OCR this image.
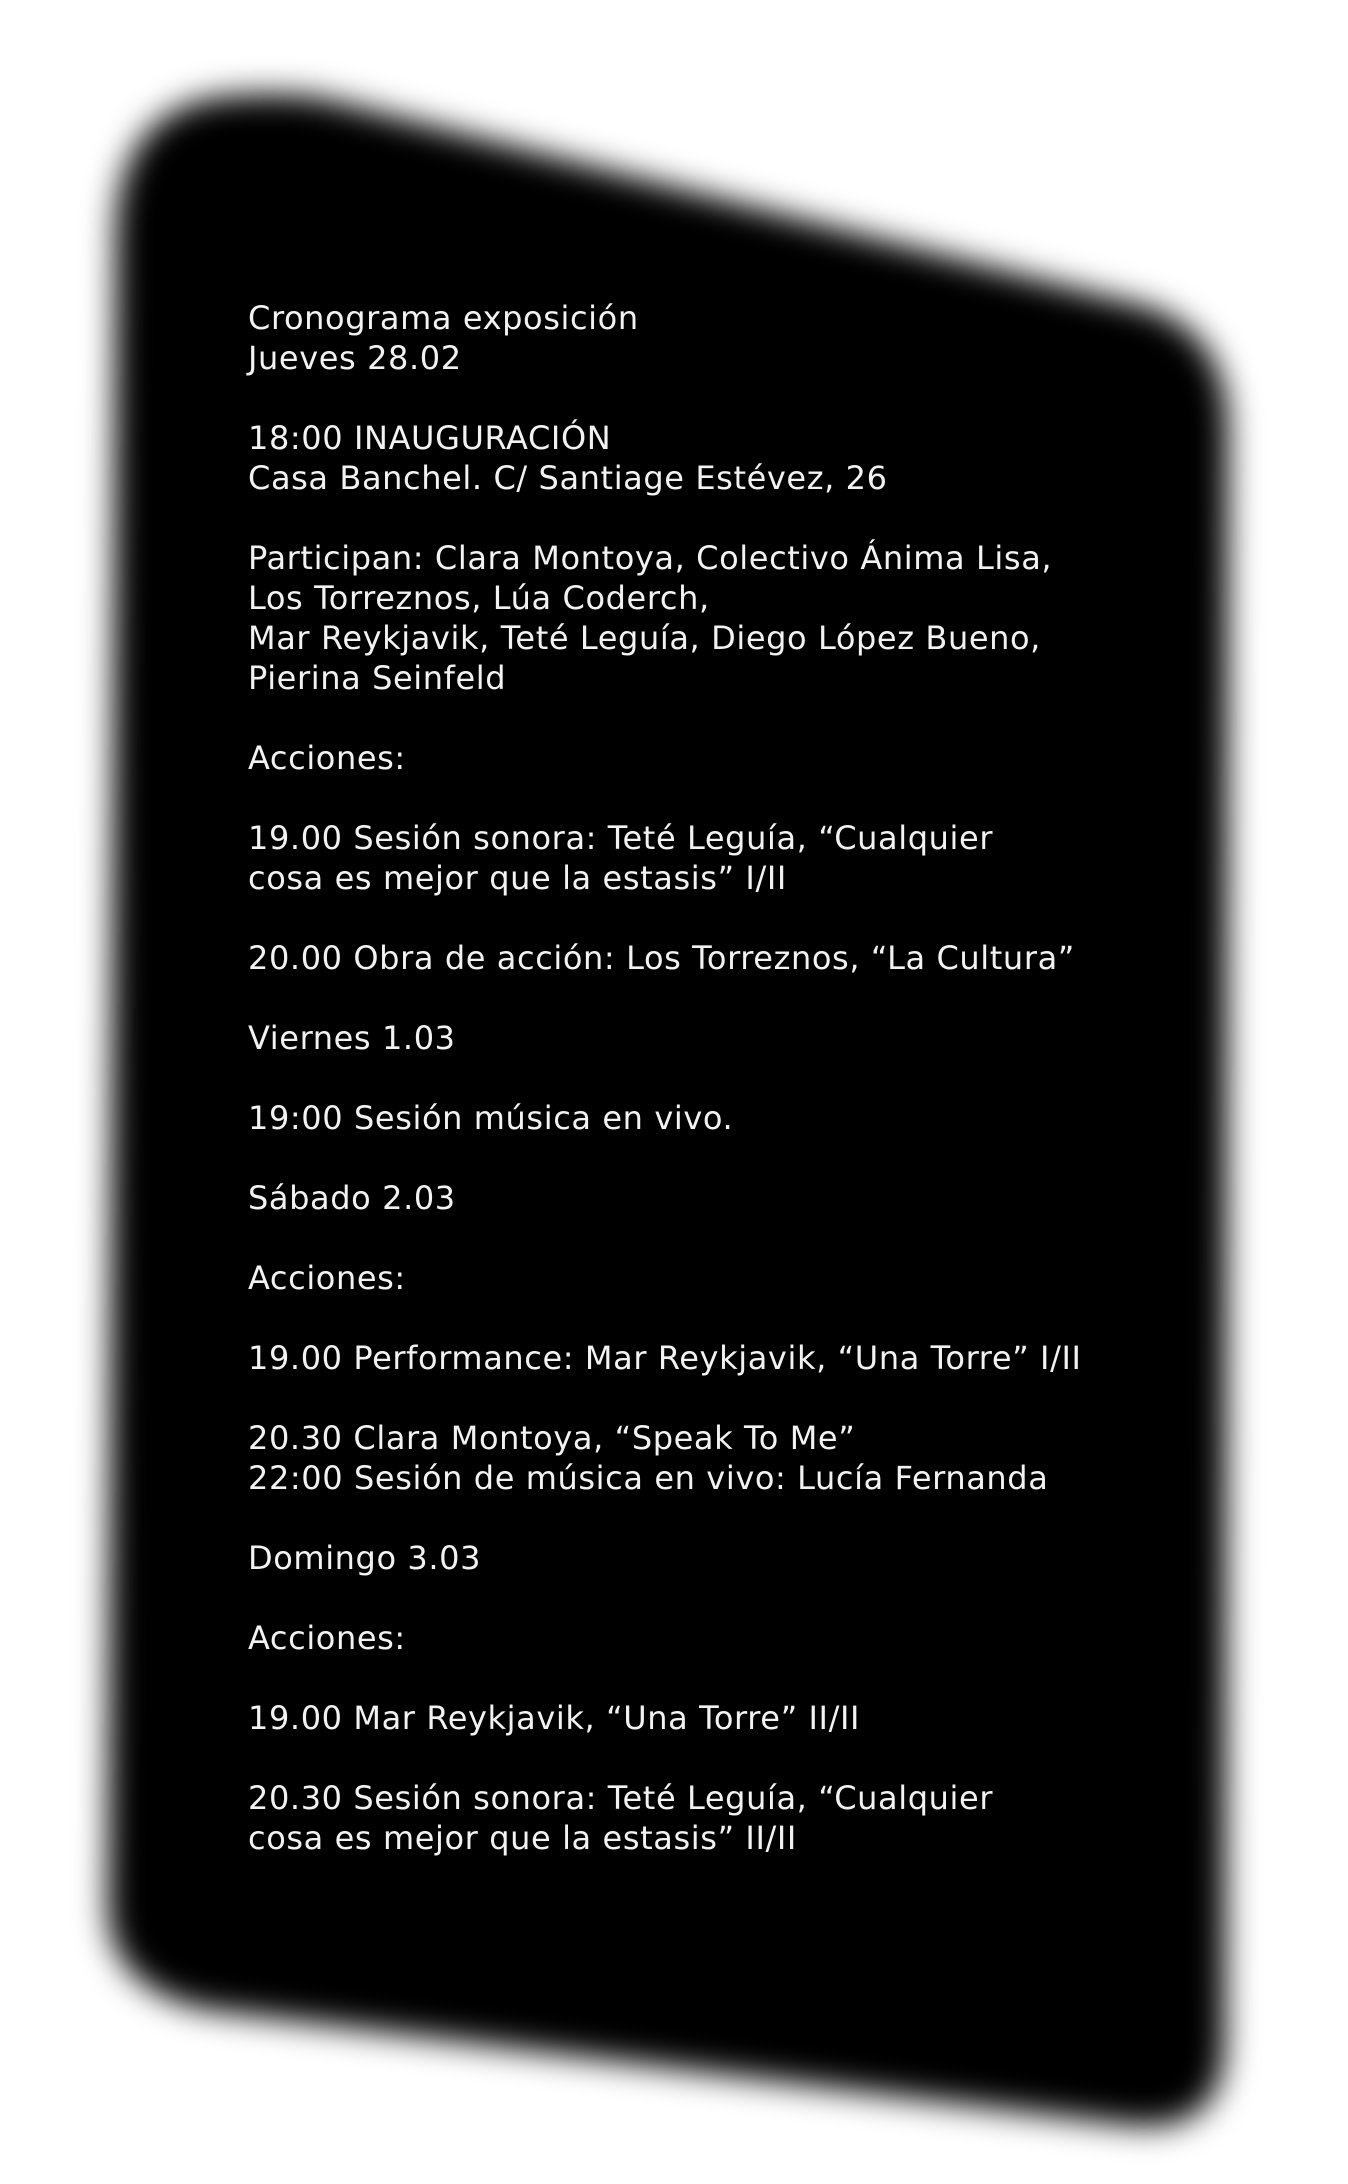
Cronograma exposición
Jueves 28.02
18:00 INAUGURACIÓN
Casa Banchel. C/ Santiage Estévez, 26
Participan: Clara Montoya, Colectivo Ánima Lisa,
Los Torreznos, Lúa Coderch,
Mar Reykjavik, Teté Leguía, Diego López Bueno,
Pierina Seinfeld
Acciones:
19.00 Sesión sonora: Teté Leguía, “Cualquier
cosa es mejor que la estasis” I/II
20.00 Obra de acción: Los Torreznos, “La Cultura”
Viernes 1.03
19:00 Sesión música en vivo.
Sábado 2.03
Acciones:
19.00 Performance: Mar Reykjavik, “Una Torre” I/II
20.30 Clara Montoya, “Speak To Me”
22:00 Sesión de música en vivo: Lucía Fernanda
Domingo 3.03
Acciones:
19.00 Mar Reykjavik, “Una Torre” II/II
20.30 Sesión sonora: Teté Leguía, “Cualquier
cosa es mejor que la estasis” II/II
